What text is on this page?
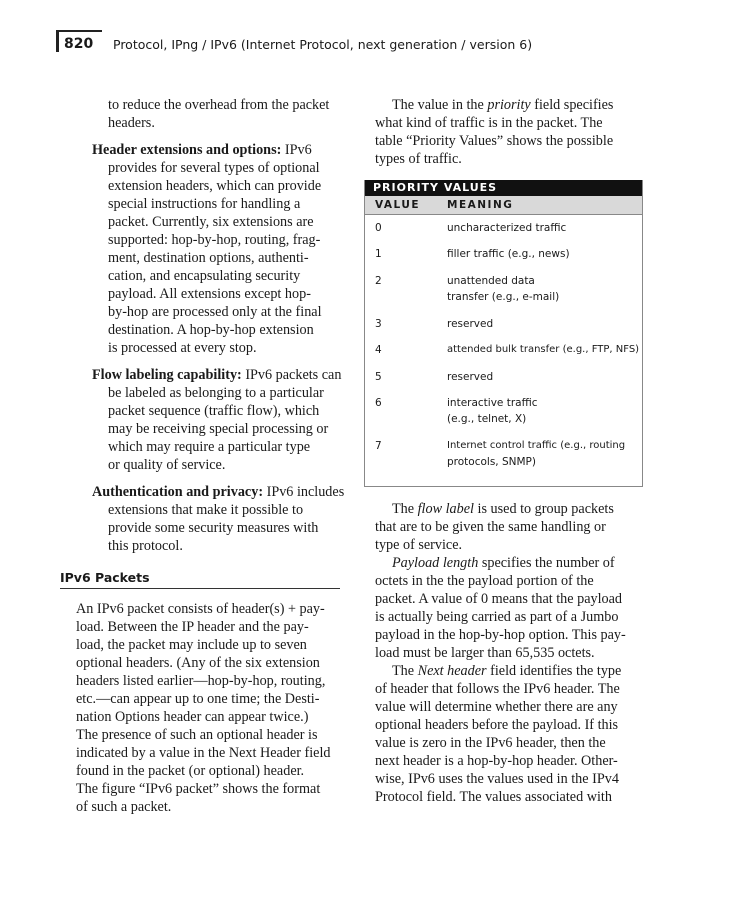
820 Protocol, IPng / IPv6 (Internet Protocol, next generation / version 6)
to reduce the overhead from the packet
headers.
Header extensions and options: IPv6
provides for several types of optional
extension headers, which can provide
special instructions for handling a
packet. Currently, six extensions are
supported: hop-by-hop, routing, frag-
ment, destination options, authenti-
cation, and encapsulating security
payload. All extensions except hop-
by-hop are processed only at the final
destination. A hop-by-hop extension
is processed at every stop.
Flow labeling capability: IPv6 packets can
be labeled as belonging to a particular
packet sequence (traffic flow), which
may be receiving special processing or
which may require a particular type
or quality of service.
Authentication and privacy: IPv6 includes
extensions that make it possible to
provide some security measures with
this protocol.
IPv6 Packets
An IPv6 packet consists of header(s) + pay-
load. Between the IP header and the pay-
load, the packet may include up to seven
optional headers. (Any of the six extension
headers listed earlier—hop-by-hop, routing,
etc.—can appear up to one time; the Desti-
nation Options header can appear twice.)
The presence of such an optional header is
indicated by a value in the Next Header field
found in the packet (or optional) header.
The figure “IPv6 packet” shows the format
of such a packet.
The value in the priority field specifies
what kind of traffic is in the packet. The
table “Priority Values” shows the possible
types of traffic.
PRIORITY VALUES
VALUE	MEANING
0	uncharacterized traffic
1	filler traffic (e.g., news)
2	unattended data
transfer (e.g., e-mail)
3	reserved
4	attended bulk transfer (e.g., FTP, NFS)
5	reserved
6	interactive traffic
(e.g., telnet, X)
7	Internet control traffic (e.g., routing
protocols, SNMP)
The flow label is used to group packets
that are to be given the same handling or
type of service.
Payload length specifies the number of
octets in the the payload portion of the
packet. A value of 0 means that the payload
is actually being carried as part of a Jumbo
payload in the hop-by-hop option. This pay-
load must be larger than 65,535 octets.
The Next header field identifies the type
of header that follows the IPv6 header. The
value will determine whether there are any
optional headers before the payload. If this
value is zero in the IPv6 header, then the
next header is a hop-by-hop header. Other-
wise, IPv6 uses the values used in the IPv4
Protocol field. The values associated with
